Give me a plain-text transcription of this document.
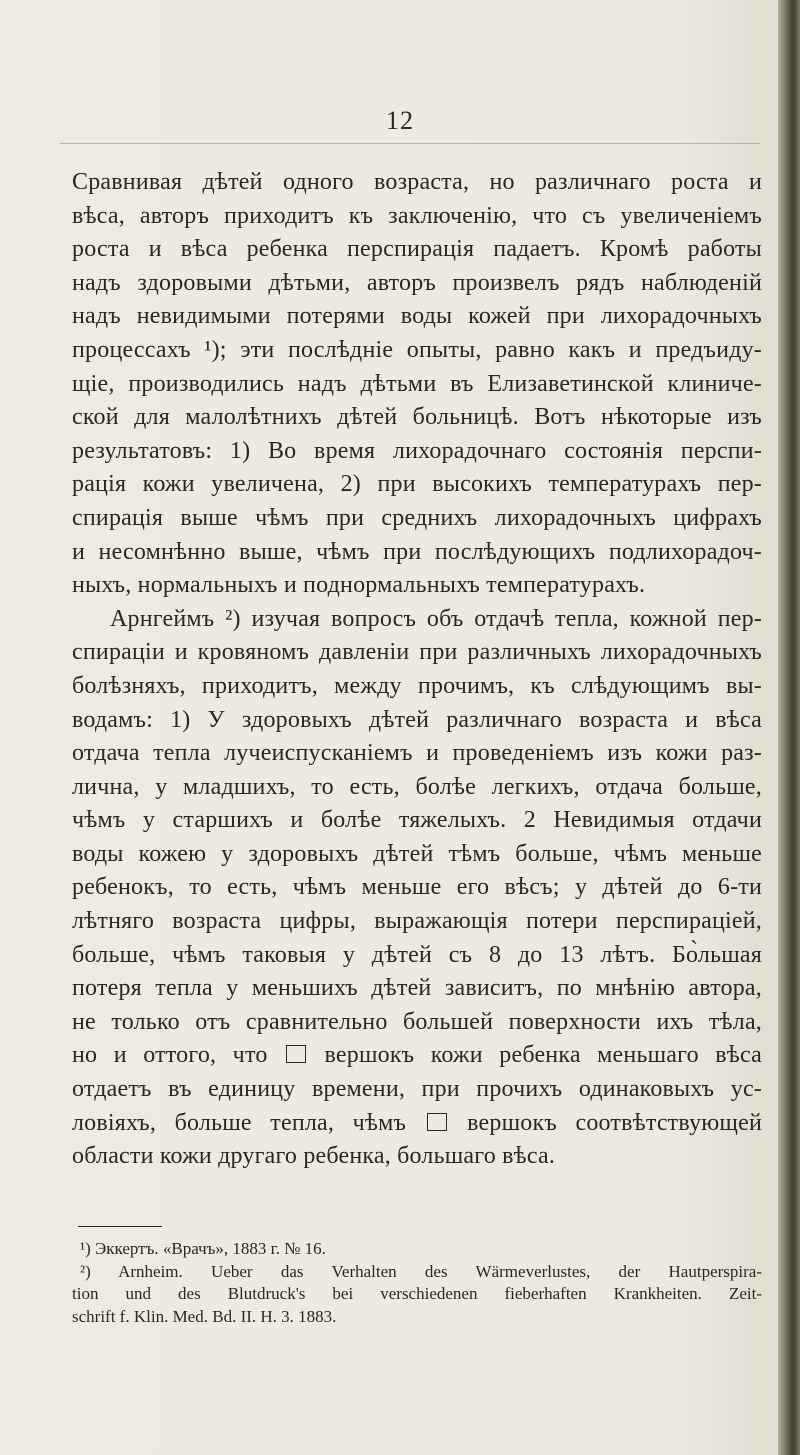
12
Сравнивая дѣтей одного возраста, но различнаго роста и
вѣса, авторъ приходитъ къ заключенію, что съ увеличеніемъ
роста и вѣса ребенка перспирація падаетъ. Кромѣ работы
надъ здоровыми дѣтьми, авторъ произвелъ рядъ наблюденій
надъ невидимыми потерями воды кожей при лихорадочныхъ
процессахъ ¹); эти послѣдніе опыты, равно какъ и предъиду-
щіе, производились надъ дѣтьми въ Елизаветинской клиниче-
ской для малолѣтнихъ дѣтей больницѣ. Вотъ нѣкоторые изъ
результатовъ: 1) Во время лихорадочнаго состоянія перспи-
рація кожи увеличена, 2) при высокихъ температурахъ пер-
спирація выше чѣмъ при среднихъ лихорадочныхъ цифрахъ
и несомнѣнно выше, чѣмъ при послѣдующихъ подлихорадоч-
ныхъ, нормальныхъ и поднормальныхъ температурахъ.
Арнгеймъ ²) изучая вопросъ объ отдачѣ тепла, кожной пер-
спираціи и кровяномъ давленіи при различныхъ лихорадочныхъ
болѣзняхъ, приходитъ, между прочимъ, къ слѣдующимъ вы-
водамъ: 1) У здоровыхъ дѣтей различнаго возраста и вѣса
отдача тепла лучеиспусканіемъ и проведеніемъ изъ кожи раз-
лична, у младшихъ, то есть, болѣе легкихъ, отдача больше,
чѣмъ у старшихъ и болѣе тяжелыхъ. 2 Невидимыя отдачи
воды кожею у здоровыхъ дѣтей тѣмъ больше, чѣмъ меньше
ребенокъ, то есть, чѣмъ меньше его вѣсъ; у дѣтей до 6-ти
лѣтняго возраста цифры, выражающія потери перспираціей,
больше, чѣмъ таковыя у дѣтей съ 8 до 13 лѣтъ. Бо̀льшая
потеря тепла у меньшихъ дѣтей зависитъ, по мнѣнію автора,
не только отъ сравнительно большей поверхности ихъ тѣла,
но и оттого, что вершокъ кожи ребенка меньшаго вѣса
отдаетъ въ единицу времени, при прочихъ одинаковыхъ ус-
ловіяхъ, больше тепла, чѣмъ	вершокъ соотвѣтствующей
области кожи другаго ребенка, большаго вѣса.
¹) Эккертъ. «Врачъ», 1883 г. № 16.
²) Arnheim. Ueber das Verhalten des Wärmeverlustes, der Hautperspira-
tion und des Blutdruck's bei verschiedenen fieberhaften Krankheiten. Zeit-
schrift f. Klin. Med. Bd. II. H. 3. 1883.
